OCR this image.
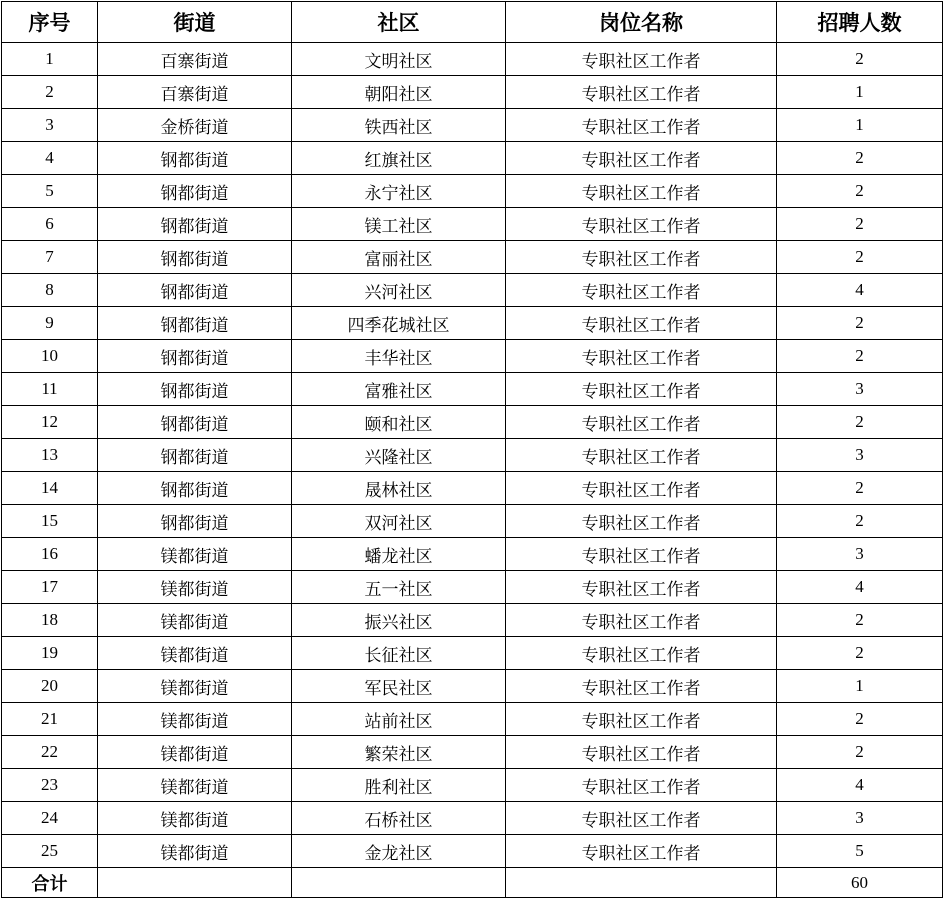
序号	街道	社区	岗位名称	招聘人数
1	百寨街道	文明社区	专职社区工作者	2
2	百寨街道	朝阳社区	专职社区工作者	1
3	金桥街道	铁西社区	专职社区工作者	1
4	钢都街道	红旗社区	专职社区工作者	2
5	钢都街道	永宁社区	专职社区工作者	2
6	钢都街道	镁工社区	专职社区工作者	2
7	钢都街道	富丽社区	专职社区工作者	2
8	钢都街道	兴河社区	专职社区工作者	4
9	钢都街道	四季花城社区	专职社区工作者	2
10	钢都街道	丰华社区	专职社区工作者	2
11	钢都街道	富雅社区	专职社区工作者	3
12	钢都街道	颐和社区	专职社区工作者	2
13	钢都街道	兴隆社区	专职社区工作者	3
14	钢都街道	晟林社区	专职社区工作者	2
15	钢都街道	双河社区	专职社区工作者	2
16	镁都街道	蟠龙社区	专职社区工作者	3
17	镁都街道	五一社区	专职社区工作者	4
18	镁都街道	振兴社区	专职社区工作者	2
19	镁都街道	长征社区	专职社区工作者	2
20	镁都街道	军民社区	专职社区工作者	1
21	镁都街道	站前社区	专职社区工作者	2
22	镁都街道	繁荣社区	专职社区工作者	2
23	镁都街道	胜利社区	专职社区工作者	4
24	镁都街道	石桥社区	专职社区工作者	3
25	镁都街道	金龙社区	专职社区工作者	5
合计				60
